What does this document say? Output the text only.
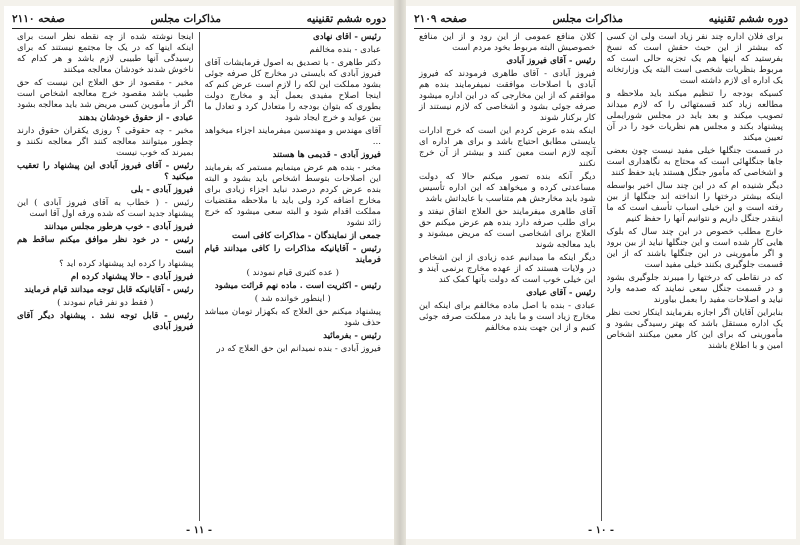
دوره ششم تقنینیه
مذاکرات مجلس
صفحه ۲۱۱۰

رئیس - آقای نهادی

عبادی - بنده مخالفم

دکتر طاهری - با تصدیق به اصول فرمایشات آقای فیروز آبادی که بایستی در مخارج کل صرفه جوئی بشود مملکت این لکه را لازم است عرض کنم که اینجا اصلاح مفیدی بعمل آید و مخارج دولت بطوری که بتوان بودجه را متعادل کرد و تعادل ما بین عواید و خرج ایجاد شود

آقای مهندس و مهندسین میفرمایند اجزاء میخواهد ...

فیروز آبادی - قدیمی ها هستند

مخبر - بنده هم عرض مینمایم مستمر که بفرمایند این اصلاحات بتوسط اشخاص باید بشود و البته بنده عرض کردم درصدد نباید اجزاء زیادی برای مخارج اضافه کرد ولی باید با ملاحظه مقتضیات مملکت اقدام شود و البته سعی میشود که خرج زائد نشود

جمعی از نمایندگان - مذاکرات کافی است

رئیس - آقایانیکه مذاکرات را کافی میدانند قیام فرمایند

( عده کثیری قیام نمودند )

رئیس - اکثریت است . ماده نهم قرائت میشود

( اینطور خوانده شد )

پیشنهاد میکنم حق العلاج که بکهزار تومان میباشد حذف شود

رئیس - بفرمائید

فیروز آبادی - بنده نمیدانم این حق العلاج که در

اینجا نوشته شده از چه نقطه نظر است برای اینکه اینها که در یک جا مجتمع نیستند که برای رسیدگی آنها طبیبی لازم باشد و هر کدام که ناخوش شدند خودشان معالجه میکنند

مخبر - مقصود از حق العلاج این نیست که حق طبیب باشد مقصود خرج معالجه اشخاص است اگر از مأمورین کسی مریض شد باید معالجه بشود

عبادی - از حقوق خودشان بدهند

مخبر - چه حقوقی ؟ روزی یکقران حقوق دارند چطور میتوانند معالجه کنند اگر معالجه نکنند و بمیرند که خوب نیست

رئیس - آقای فیروز آبادی این پیشنهاد را تعقیب میکنید ؟

فیروز آبادی - بلی

رئیس - ( خطاب به آقای فیروز آبادی ) این پیشنهاد جدید است که شده ورقه اول آقا است

فیروز آبادی - خوب هرطور مجلس میدانند

رئیس - در خود نظر موافق میکنم ساقط هم است

پیشنهاد را کرده اید پیشنهاد کرده اید ؟

فیروز آبادی - حالا پیشنهاد کرده ام

رئیس - آقایانیکه قابل توجه میدانند قیام فرمایند

( فقط دو نفر قیام نمودند )

رئیس - قابل توجه نشد . پیشنهاد دیگر آقای فیروز آبادی

- ۱۱ -
دوره ششم تقنینیه
مذاکرات مجلس
صفحه ۲۱۰۹

برای فلان اداره چند نفر زیاد است ولی آن کسی که بیشتر از این حیث حقش است که نسخ بفرستید که اینها هم یک تجزیه حالی است که مربوط بنظریات شخصی است البته یک وزارتخانه یک اداره ای لازم داشته است

کسیکه بودجه را تنظیم میکند باید ملاحظه و مطالعه زیاد کند قسمتهائی را که لازم میداند تصویب میکند و بعد باید در مجلس شورایملی پیشنهاد بکند و مجلس هم نظریات خود را در آن تعیین میکند

در قسمت جنگلها خیلی مفید نیست چون بعضی جاها جنگلهائی است که محتاج به نگاهداری است و اشخاصی که مأمور جنگل هستند باید حفظ کنند

دیگر شنیده ام که در این چند سال اخیر بواسطه اینکه بیشتر درختها را انداخته اند جنگلها از بین رفته است و این خیلی اسباب تأسف است که ما اینقدر جنگل داریم و نتوانیم آنها را حفظ کنیم

خارج مطلب خصوص در این چند سال که بلوک هایی کار شده است و این جنگلها نباید از بین برود و اگر مأمورینی در این جنگلها باشند که از این قسمت جلوگیری بکنند خیلی مفید است

که در نقاطی که درختها را میبرند جلوگیری بشود و در قسمت جنگل سعی نمایند که صدمه وارد نیاید و اصلاحات مفید را بعمل بیاورند

بنابراین آقایان اگر اجازه بفرمایند اینکار تحت نظر یک اداره مستقل باشد که بهتر رسیدگی بشود و مأمورینی که برای این کار معین میکنند اشخاص امین و با اطلاع باشند

کلان منافع عمومی از این رود و از این منافع خصوصیش البته مربوط بخود مردم است

رئیس - آقای فیروز آبادی

فیروز آبادی - آقای طاهری فرمودند که فیروز آبادی با اصلاحات موافقت نمیفرمایند بنده هم موافقم که از این مخارجی که در این اداره میشود صرفه جوئی بشود و اشخاصی که لازم نیستند از کار برکنار شوند

اینکه بنده عرض کردم این است که خرج ادارات بایستی مطابق احتیاج باشد و برای هر اداره ای آنچه لازم است معین کنند و بیشتر از آن خرج نکنند

دیگر آنکه بنده تصور میکنم حالا که دولت مساعدتی کرده و میخواهد که این اداره تأسیس شود باید مخارجش هم متناسب با عایداتش باشد

آقای طاهری میفرمایند حق العلاج اتفاق نیفتد و برای طلب صرفه دارد بنده هم عرض میکنم حق العلاج برای اشخاصی است که مریض میشوند و باید معالجه شوند

دیگر اینکه ما میدانیم عده زیادی از این اشخاص در ولایات هستند که از عهده مخارج برنمی آیند و این خیلی خوب است که دولت بآنها کمک کند

رئیس - آقای عبادی

عبادی - بنده با اصل ماده مخالفم برای اینکه این مخارج زیاد است و ما باید در مملکت صرفه جوئی کنیم و از این جهت بنده مخالفم

- ۱۰ -
